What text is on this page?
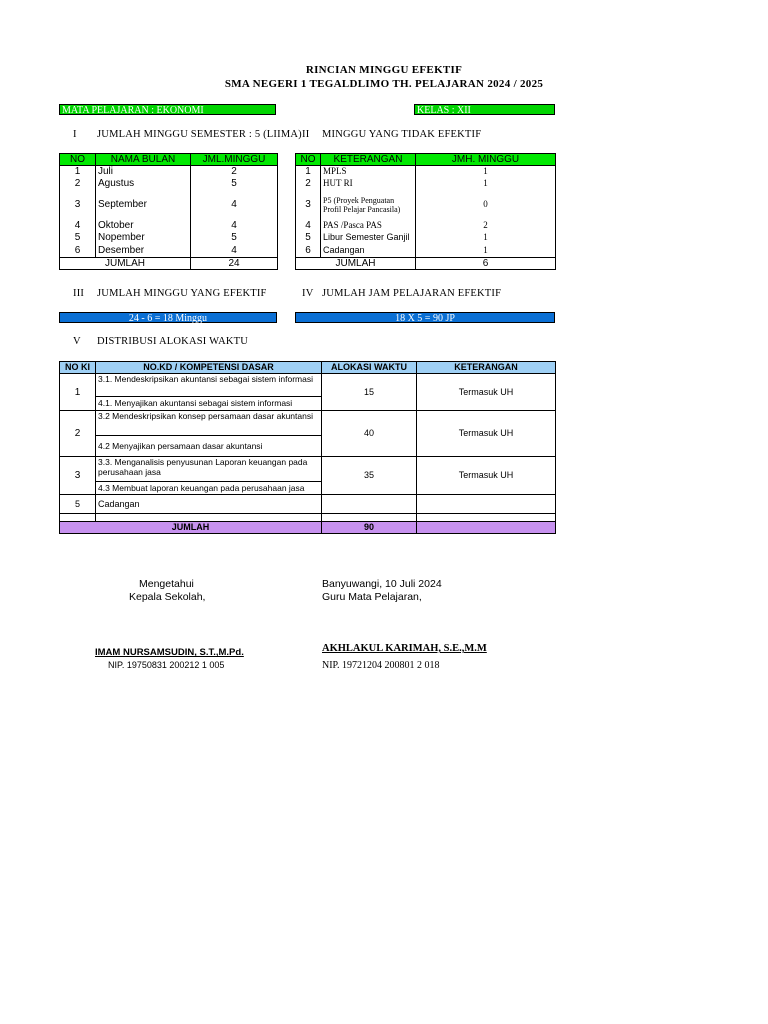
RINCIAN MINGGU EFEKTIF
SMA NEGERI 1 TEGALDLIMO TH. PELAJARAN 2024 / 2025
MATA PELAJARAN : EKONOMI	KELAS : XII
I JUMLAH MINGGU SEMESTER : 5 (LIIMA) II MINGGU YANG TIDAK EFEKTIF
NO	NAMA BULAN	JML.MINGGU
1	Juli	2
2	Agustus	5
3	September	4
4	Oktober	4
5	Nopember	5
6	Desember	4
JUMLAH		24
NO	KETERANGAN	JMH. MINGGU
1	MPLS	1
2	HUT RI	1
3	P5 (Proyek Penguatan Profil Pelajar Pancasila)	0
4	PAS /Pasca PAS	2
5	Libur Semester Ganjil	1
6	Cadangan	1
JUMLAH		6
III JUMLAH MINGGU YANG EFEKTIF	IV JUMLAH JAM PELAJARAN EFEKTIF
24 - 6 = 18 Minggu	18 X 5 = 90 JP
V DISTRIBUSI ALOKASI WAKTU
NO KI	NO.KD / KOMPETENSI DASAR	ALOKASI WAKTU	KETERANGAN
1	3.1. Mendeskripsikan akuntansi sebagai sistem informasi	15	Termasuk UH
	4.1. Menyajikan akuntansi sebagai sistem informasi		
2	3.2 Mendeskripsikan konsep persamaan dasar akuntansi	40	Termasuk UH
	4.2 Menyajikan persamaan dasar akuntansi		
3	3.3. Menganalisis penyusunan Laporan keuangan pada perusahaan jasa	35	Termasuk UH
	4.3 Membuat laporan keuangan pada perusahaan jasa		
5	Cadangan		

JUMLAH		90	
Mengetahui
Kepala Sekolah,
IMAM NURSAMSUDIN, S.T.,M.Pd.
NIP. 19750831 200212 1 005
Banyuwangi, 10 Juli 2024
Guru Mata Pelajaran,
AKHLAKUL KARIMAH, S.E.,M.M
NIP. 19721204 200801 2 018
